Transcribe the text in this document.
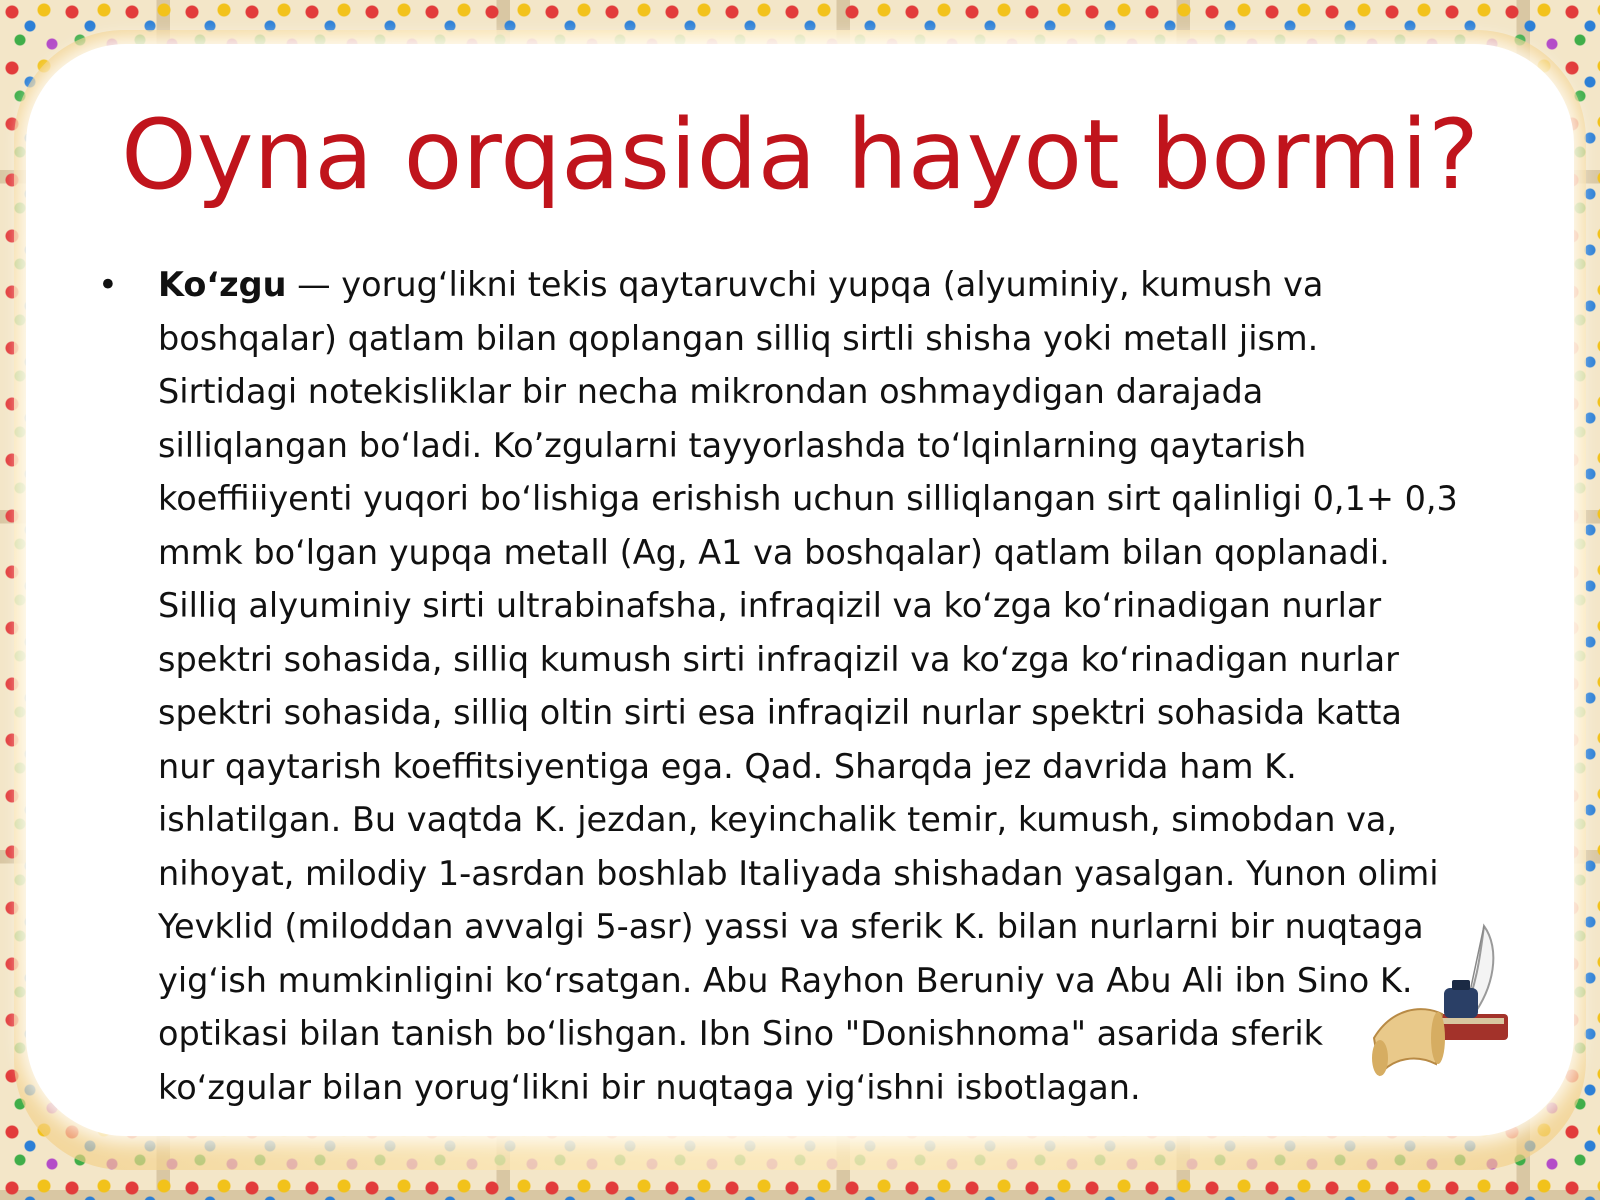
Oyna orqasida hayot bormi?
• Ko‘zgu — yorug‘likni tekis qaytaruvchi yupqa (alyuminiy, kumush va
boshqalar) qatlam bilan qoplangan silliq sirtli shisha yoki metall jism.
Sirtidagi notekisliklar bir necha mikrondan oshmaydigan darajada
silliqlangan bo‘ladi. Ko’zgularni tayyorlashda to‘lqinlarning qaytarish
koeffiiiyenti yuqori bo‘lishiga erishish uchun silliqlangan sirt qalinligi 0,1+ 0,3
mmk bo‘lgan yupqa metall (Ag, A1 va boshqalar) qatlam bilan qoplanadi.
Silliq alyuminiy sirti ultrabinafsha, infraqizil va ko‘zga ko‘rinadigan nurlar
spektri sohasida, silliq kumush sirti infraqizil va ko‘zga ko‘rinadigan nurlar
spektri sohasida, silliq oltin sirti esa infraqizil nurlar spektri sohasida katta
nur qaytarish koeffitsiyentiga ega. Qad. Sharqda jez davrida ham K.
ishlatilgan. Bu vaqtda K. jezdan, keyinchalik temir, kumush, simobdan va,
nihoyat, milodiy 1-asrdan boshlab Italiyada shishadan yasalgan. Yunon olimi
Yevklid (miloddan avvalgi 5-asr) yassi va sferik K. bilan nurlarni bir nuqtaga
yig‘ish mumkinligini ko‘rsatgan. Abu Rayhon Beruniy va Abu Ali ibn Sino K.
optikasi bilan tanish bo‘lishgan. Ibn Sino "Donishnoma" asarida sferik
ko‘zgular bilan yorug‘likni bir nuqtaga yig‘ishni isbotlagan.
